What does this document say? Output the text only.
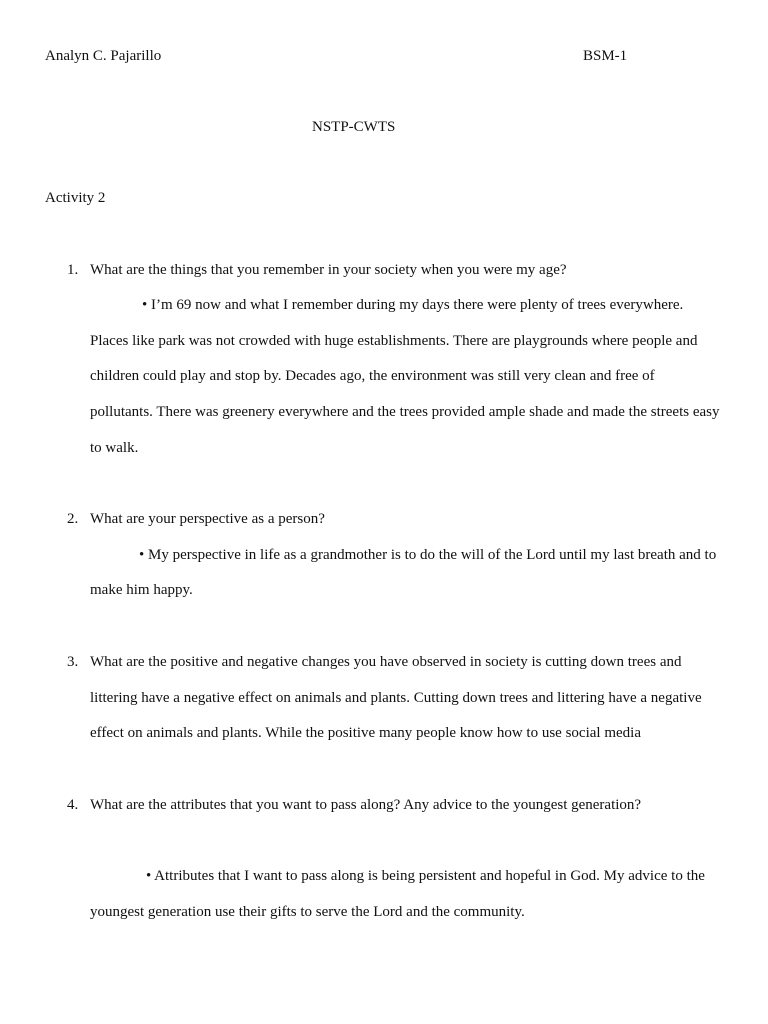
Analyn C. Pajarillo	BSM-1
NSTP-CWTS
Activity 2
1. What are the things that you remember in your society when you were my age?
• I’m 69 now and what I remember during my days there were plenty of trees everywhere.
Places like park was not crowded with huge establishments. There are playgrounds where people and
children could play and stop by. Decades ago, the environment was still very clean and free of
pollutants. There was greenery everywhere and the trees provided ample shade and made the streets easy
to walk.
2. What are your perspective as a person?
• My perspective in life as a grandmother is to do the will of the Lord until my last breath and to
make him happy.
3. What are the positive and negative changes you have observed in society is cutting down trees and
littering have a negative effect on animals and plants. Cutting down trees and littering have a negative
effect on animals and plants. While the positive many people know how to use social media
4. What are the attributes that you want to pass along? Any advice to the youngest generation?
• Attributes that I want to pass along is being persistent and hopeful in God. My advice to the
youngest generation use their gifts to serve the Lord and the community.
